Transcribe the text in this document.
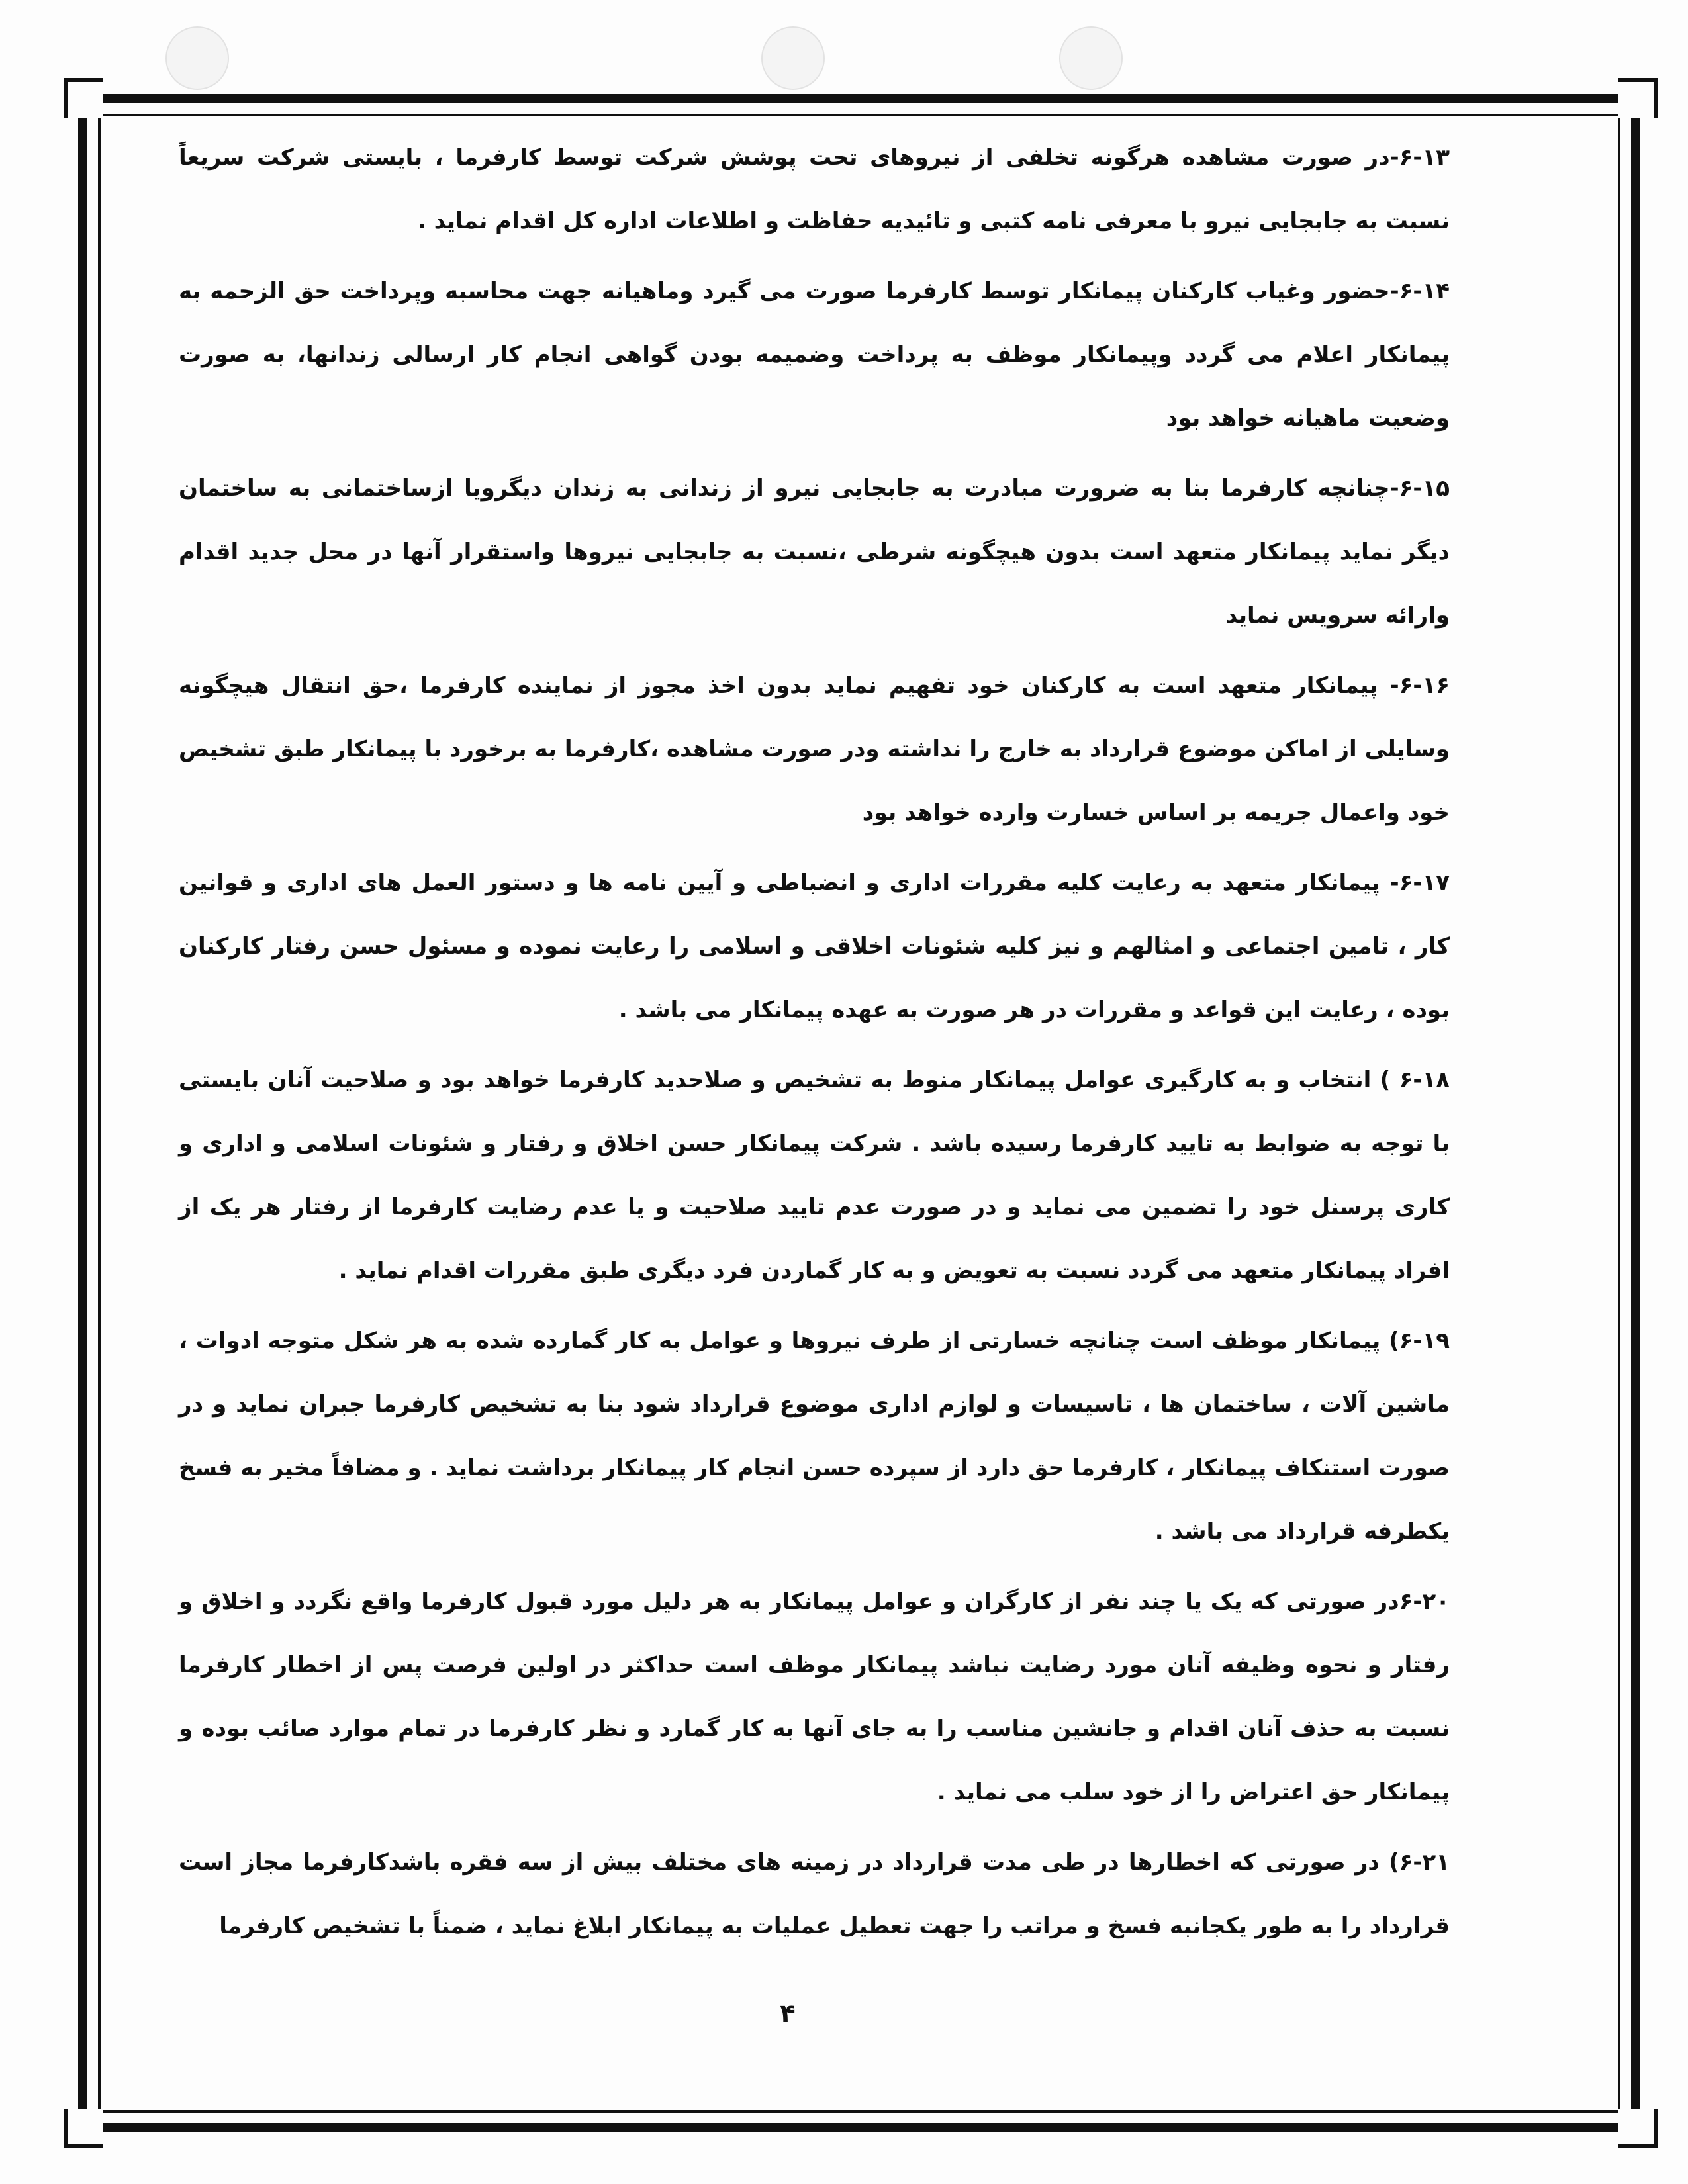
۶-۱۳-در صورت مشاهده هرگونه تخلفی از نیروهای تحت پوشش شرکت توسط کارفرما ، بایستی شرکت سریعاً نسبت به جابجایی نیرو با معرفی نامه کتبی و تائیدیه حفاظت و اطلاعات اداره کل اقدام نماید .

۶-۱۴-حضور وغیاب کارکنان پیمانکار توسط کارفرما صورت می گیرد وماهیانه جهت محاسبه وپرداخت حق الزحمه به پیمانکار اعلام می گردد وپیمانکار موظف به پرداخت وضمیمه بودن گواهی انجام کار ارسالی زندانها، به صورت وضعیت ماهیانه خواهد بود

۶-۱۵-چنانچه کارفرما بنا به ضرورت مبادرت به جابجایی نیرو از زندانی به زندان دیگرویا ازساختمانی به ساختمان دیگر نماید پیمانکار متعهد است بدون هیچگونه شرطی ،نسبت به جابجایی نیروها واستقرار آنها در محل جدید اقدام وارائه سرویس نماید

۶-۱۶- پیمانکار متعهد است به کارکنان خود تفهیم نماید بدون اخذ مجوز از نماینده کارفرما ،حق انتقال هیچگونه وسایلی از اماکن موضوع قرارداد به خارج را نداشته ودر صورت مشاهده ،کارفرما به برخورد با پیمانکار طبق تشخیص خود واعمال جریمه بر اساس خسارت وارده خواهد بود

۶-۱۷- پیمانکار متعهد به رعایت کلیه مقررات اداری و انضباطی و آیین نامه ها و دستور العمل های اداری و قوانین کار ، تامین اجتماعی و امثالهم و نیز کلیه شئونات اخلاقی و اسلامی را رعایت نموده و مسئول حسن رفتار کارکنان بوده ، رعایت این قواعد و مقررات در هر صورت به عهده پیمانکار می باشد .

۶-۱۸ ) انتخاب و به کارگیری عوامل پیمانکار منوط به تشخیص و صلاحدید کارفرما خواهد بود و صلاحیت آنان بایستی با توجه به ضوابط به تایید کارفرما رسیده باشد . شرکت پیمانکار حسن اخلاق و رفتار و شئونات اسلامی و اداری و کاری پرسنل خود را تضمین می نماید و در صورت عدم تایید صلاحیت و یا عدم رضایت کارفرما از رفتار هر یک از افراد پیمانکار متعهد می گردد نسبت به تعویض و به کار گماردن فرد دیگری طبق مقررات اقدام نماید .

۶-۱۹) پیمانکار موظف است چنانچه خسارتی از طرف نیروها و عوامل به کار گمارده شده به هر شکل متوجه ادوات ، ماشین آلات ، ساختمان ها ، تاسیسات و لوازم اداری موضوع قرارداد شود بنا به تشخیص کارفرما جبران نماید و در صورت استنکاف پیمانکار ، کارفرما حق دارد از سپرده حسن انجام کار پیمانکار برداشت نماید . و مضافاً مخیر به فسخ یکطرفه قرارداد می باشد .

۶-۲۰در صورتی که یک یا چند نفر از کارگران و عوامل پیمانکار به هر دلیل مورد قبول کارفرما واقع نگردد و اخلاق و رفتار و نحوه وظیفه آنان مورد رضایت نباشد پیمانکار موظف است حداکثر در اولین فرصت پس از اخطار کارفرما نسبت به حذف آنان اقدام و جانشین مناسب را به جای آنها به کار گمارد و نظر کارفرما در تمام موارد صائب بوده و پیمانکار حق اعتراض را از خود سلب می نماید .

۶-۲۱) در صورتی که اخطارها در طی مدت قرارداد در زمینه های مختلف بیش از سه فقره باشدکارفرما مجاز است قرارداد را به طور یکجانبه فسخ و مراتب را جهت تعطیل عملیات به پیمانکار ابلاغ نماید ، ضمناً با تشخیص کارفرما

۴
